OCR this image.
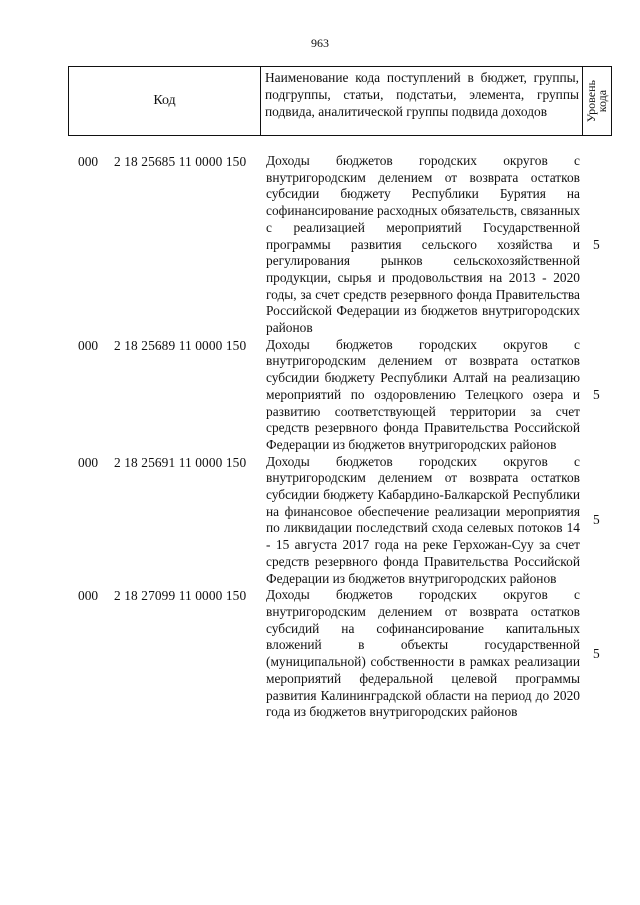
963
Код
Наименование кода поступлений в бюджет, группы, подгруппы, статьи, подстатьи, элемента, группы подвида, аналитической группы подвида доходов	Уровень
кода
000 2 18 25685 11 0000 150 Доходы бюджетов городских округов с внутригородским делением от возврата остатков субсидии бюджету Республики Бурятия на софинансирование расходных обязательств, связанных с реализацией мероприятий Государственной программы развития сельского хозяйства и регулирования рынков сельскохозяйственной продукции, сырья и продовольствия на 2013 - 2020 годы, за счет средств резервного фонда Правительства Российской Федерации из бюджетов внутригородских районов
5
000 2 18 25689 11 0000 150 Доходы бюджетов городских округов с внутригородским делением от возврата остатков субсидии бюджету Республики Алтай на реализацию мероприятий по оздоровлению Телецкого озера и развитию соответствующей территории за счет средств резервного фонда Правительства Российской Федерации из бюджетов внутригородских районов
5
000 2 18 25691 11 0000 150 Доходы бюджетов городских округов с внутригородским делением от возврата остатков субсидии бюджету Кабардино-Балкарской Республики на финансовое обеспечение реализации мероприятия по ликвидации последствий схода селевых потоков 14 - 15 августа 2017 года на реке Герхожан-Суу за счет средств резервного фонда Правительства Российской Федерации из бюджетов внутригородских районов
5
000 2 18 27099 11 0000 150 Доходы бюджетов городских округов с внутригородским делением от возврата остатков субсидий на софинансирование капитальных вложений в объекты государственной (муниципальной) собственности в рамках реализации мероприятий федеральной целевой программы развития Калининградской области на период до 2020 года из бюджетов внутригородских районов
5
